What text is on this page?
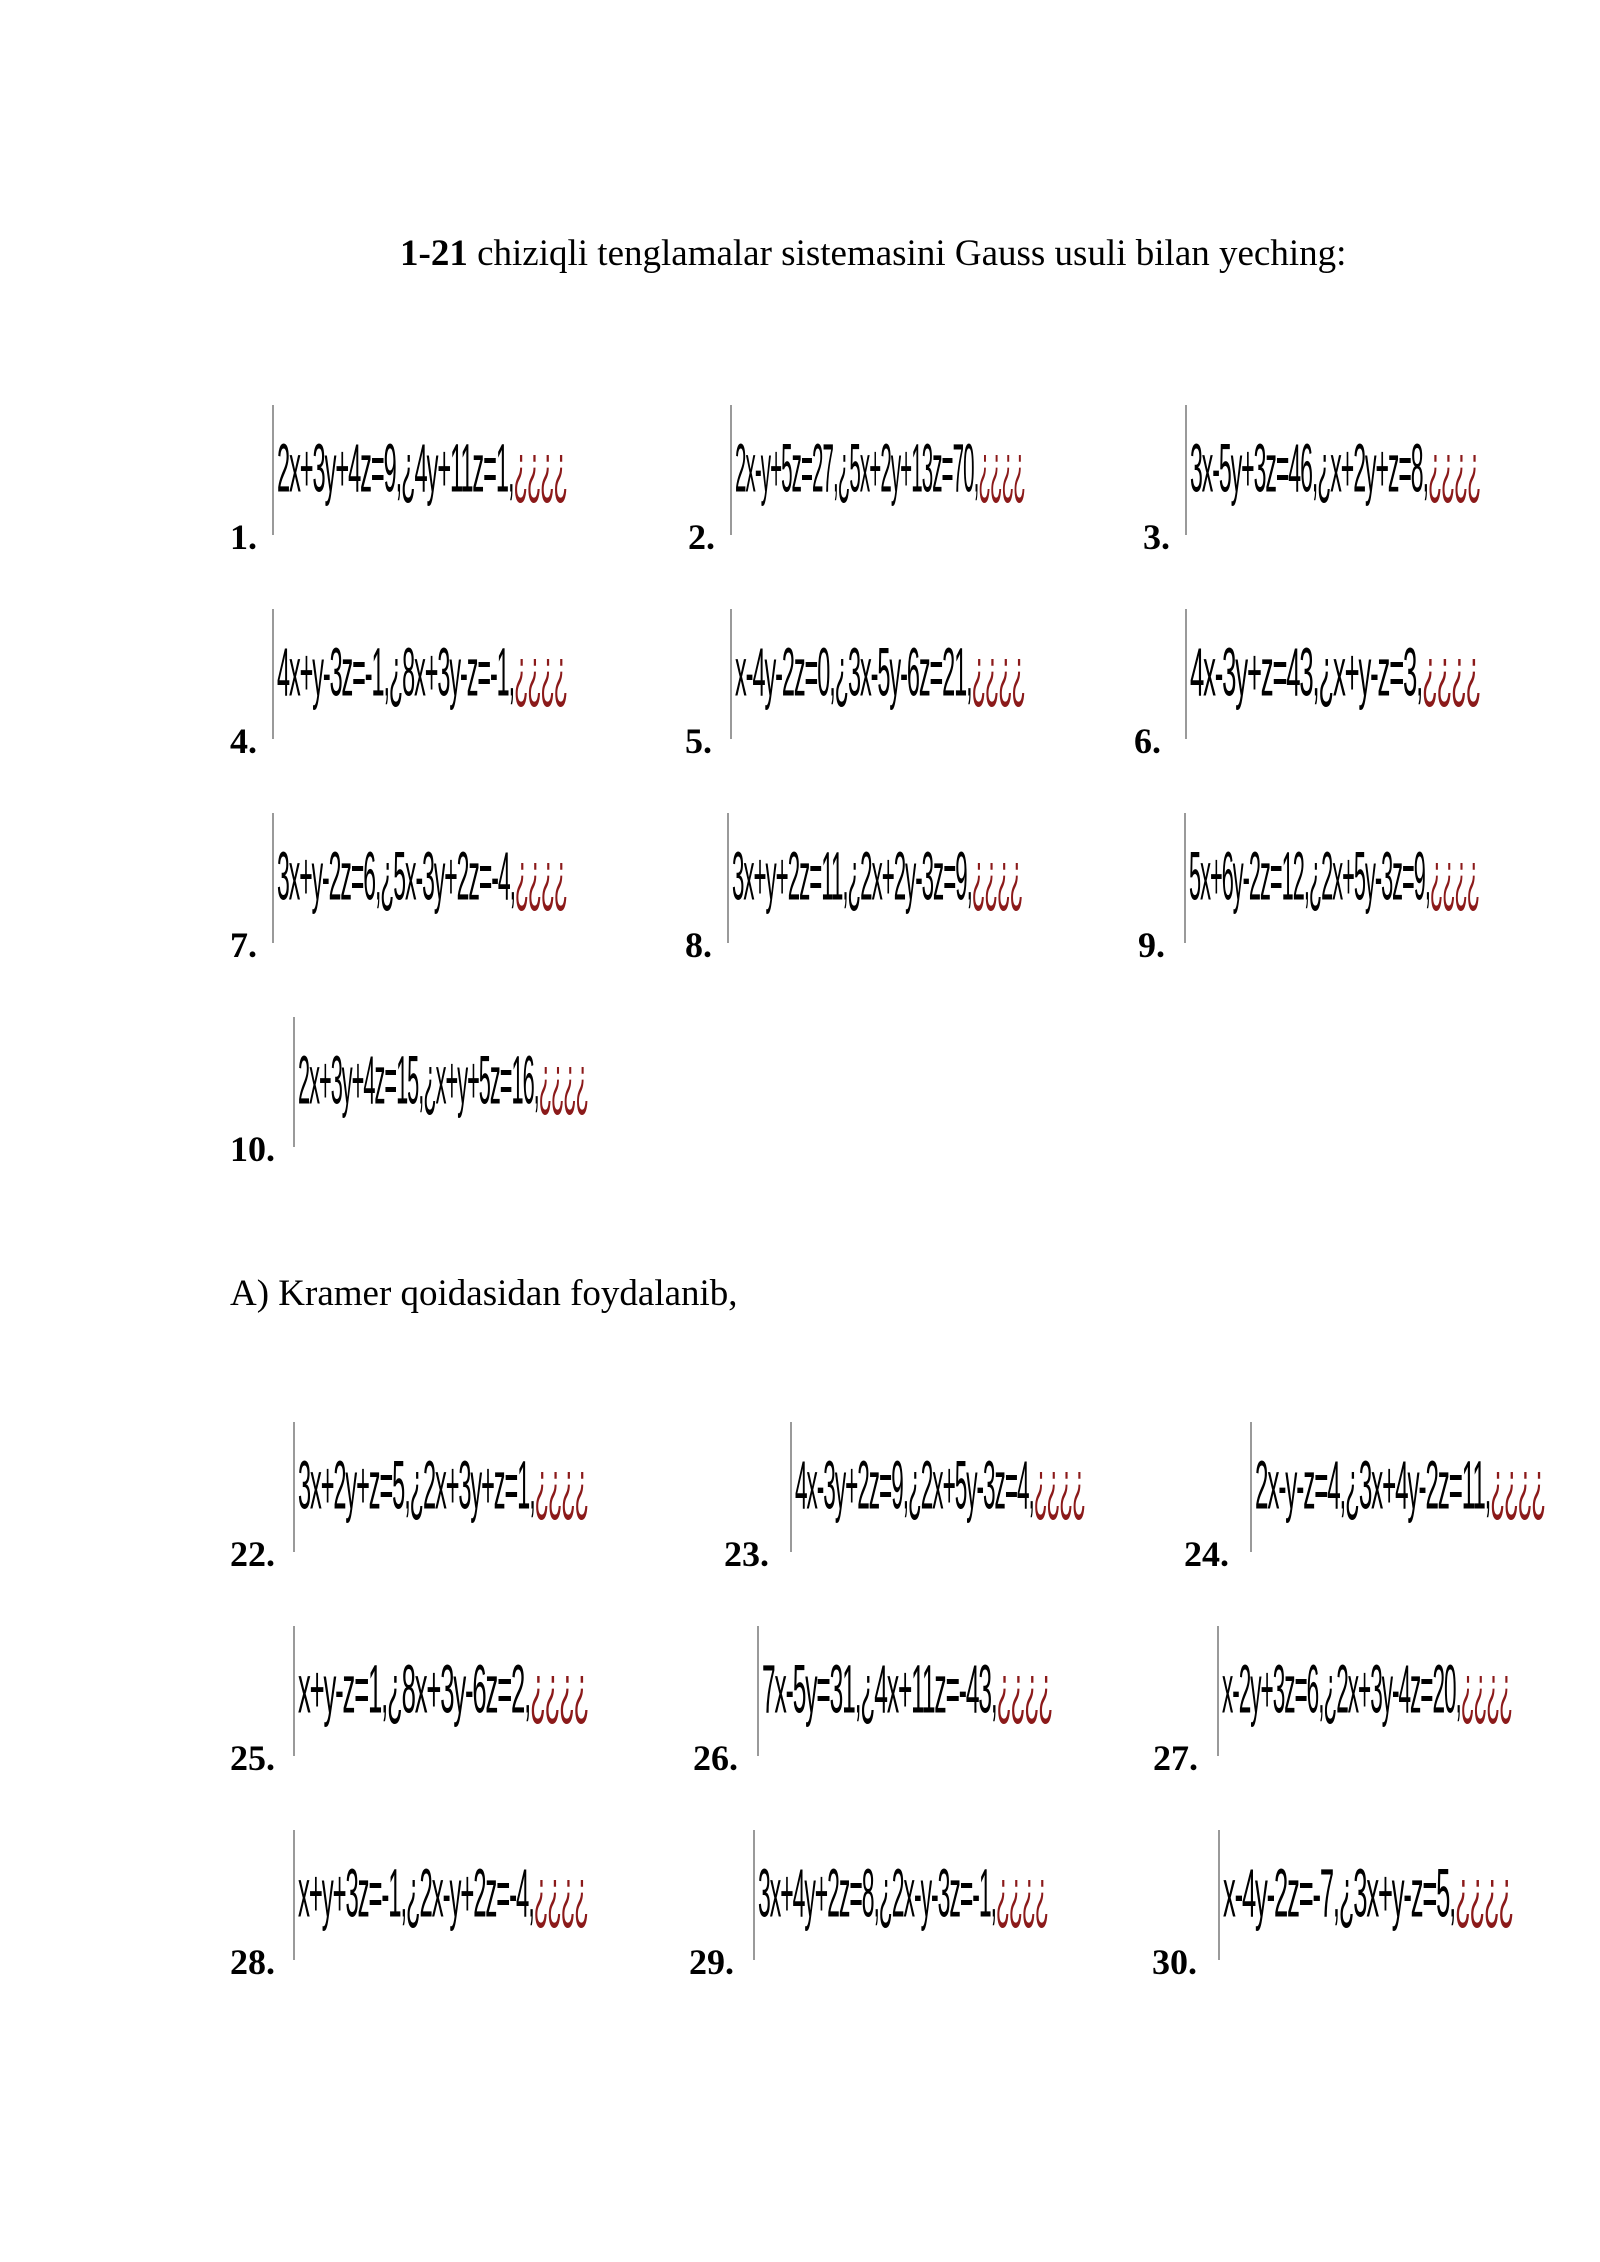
1-21 chiziqli tenglamalar sistemasini Gauss usuli bilan yeching:
1.
2x+3y+4z=9,¿4y+11z=1,¿¿¿¿
2.
2x-y+5z=27,¿5x+2y+13z=70,¿¿¿¿
3.
3x-5y+3z=46,¿x+2y+z=8,¿¿¿¿
4.
4x+y-3z=-1,¿8x+3y-z=-1,¿¿¿¿
5.
x-4y-2z=0,¿3x-5y-6z=21,¿¿¿¿
6.
4x-3y+z=43,¿x+y-z=3,¿¿¿¿
7.
3x+y-2z=6,¿5x-3y+2z=-4,¿¿¿¿
8.
3x+y+2z=11,¿2x+2y-3z=9,¿¿¿¿
9.
5x+6y-2z=12,¿2x+5y-3z=9,¿¿¿¿
10.
2x+3y+4z=15,¿x+y+5z=16,¿¿¿¿
A) Kramer qoidasidan foydalanib,
22.
3x+2y+z=5,¿2x+3y+z=1,¿¿¿¿
23.
4x-3y+2z=9,¿2x+5y-3z=4,¿¿¿¿
24.
2x-y-z=4,¿3x+4y-2z=11,¿¿¿¿
25.
x+y-z=1,¿8x+3y-6z=2,¿¿¿¿
26.
7x-5y=31,¿4x+11z=-43,¿¿¿¿
27.
x-2y+3z=6,¿2x+3y-4z=20,¿¿¿¿
28.
x+y+3z=-1,¿2x-y+2z=-4,¿¿¿¿
29.
3x+4y+2z=8,¿2x-y-3z=-1,¿¿¿¿
30.
x-4y-2z=-7,¿3x+y-z=5,¿¿¿¿
